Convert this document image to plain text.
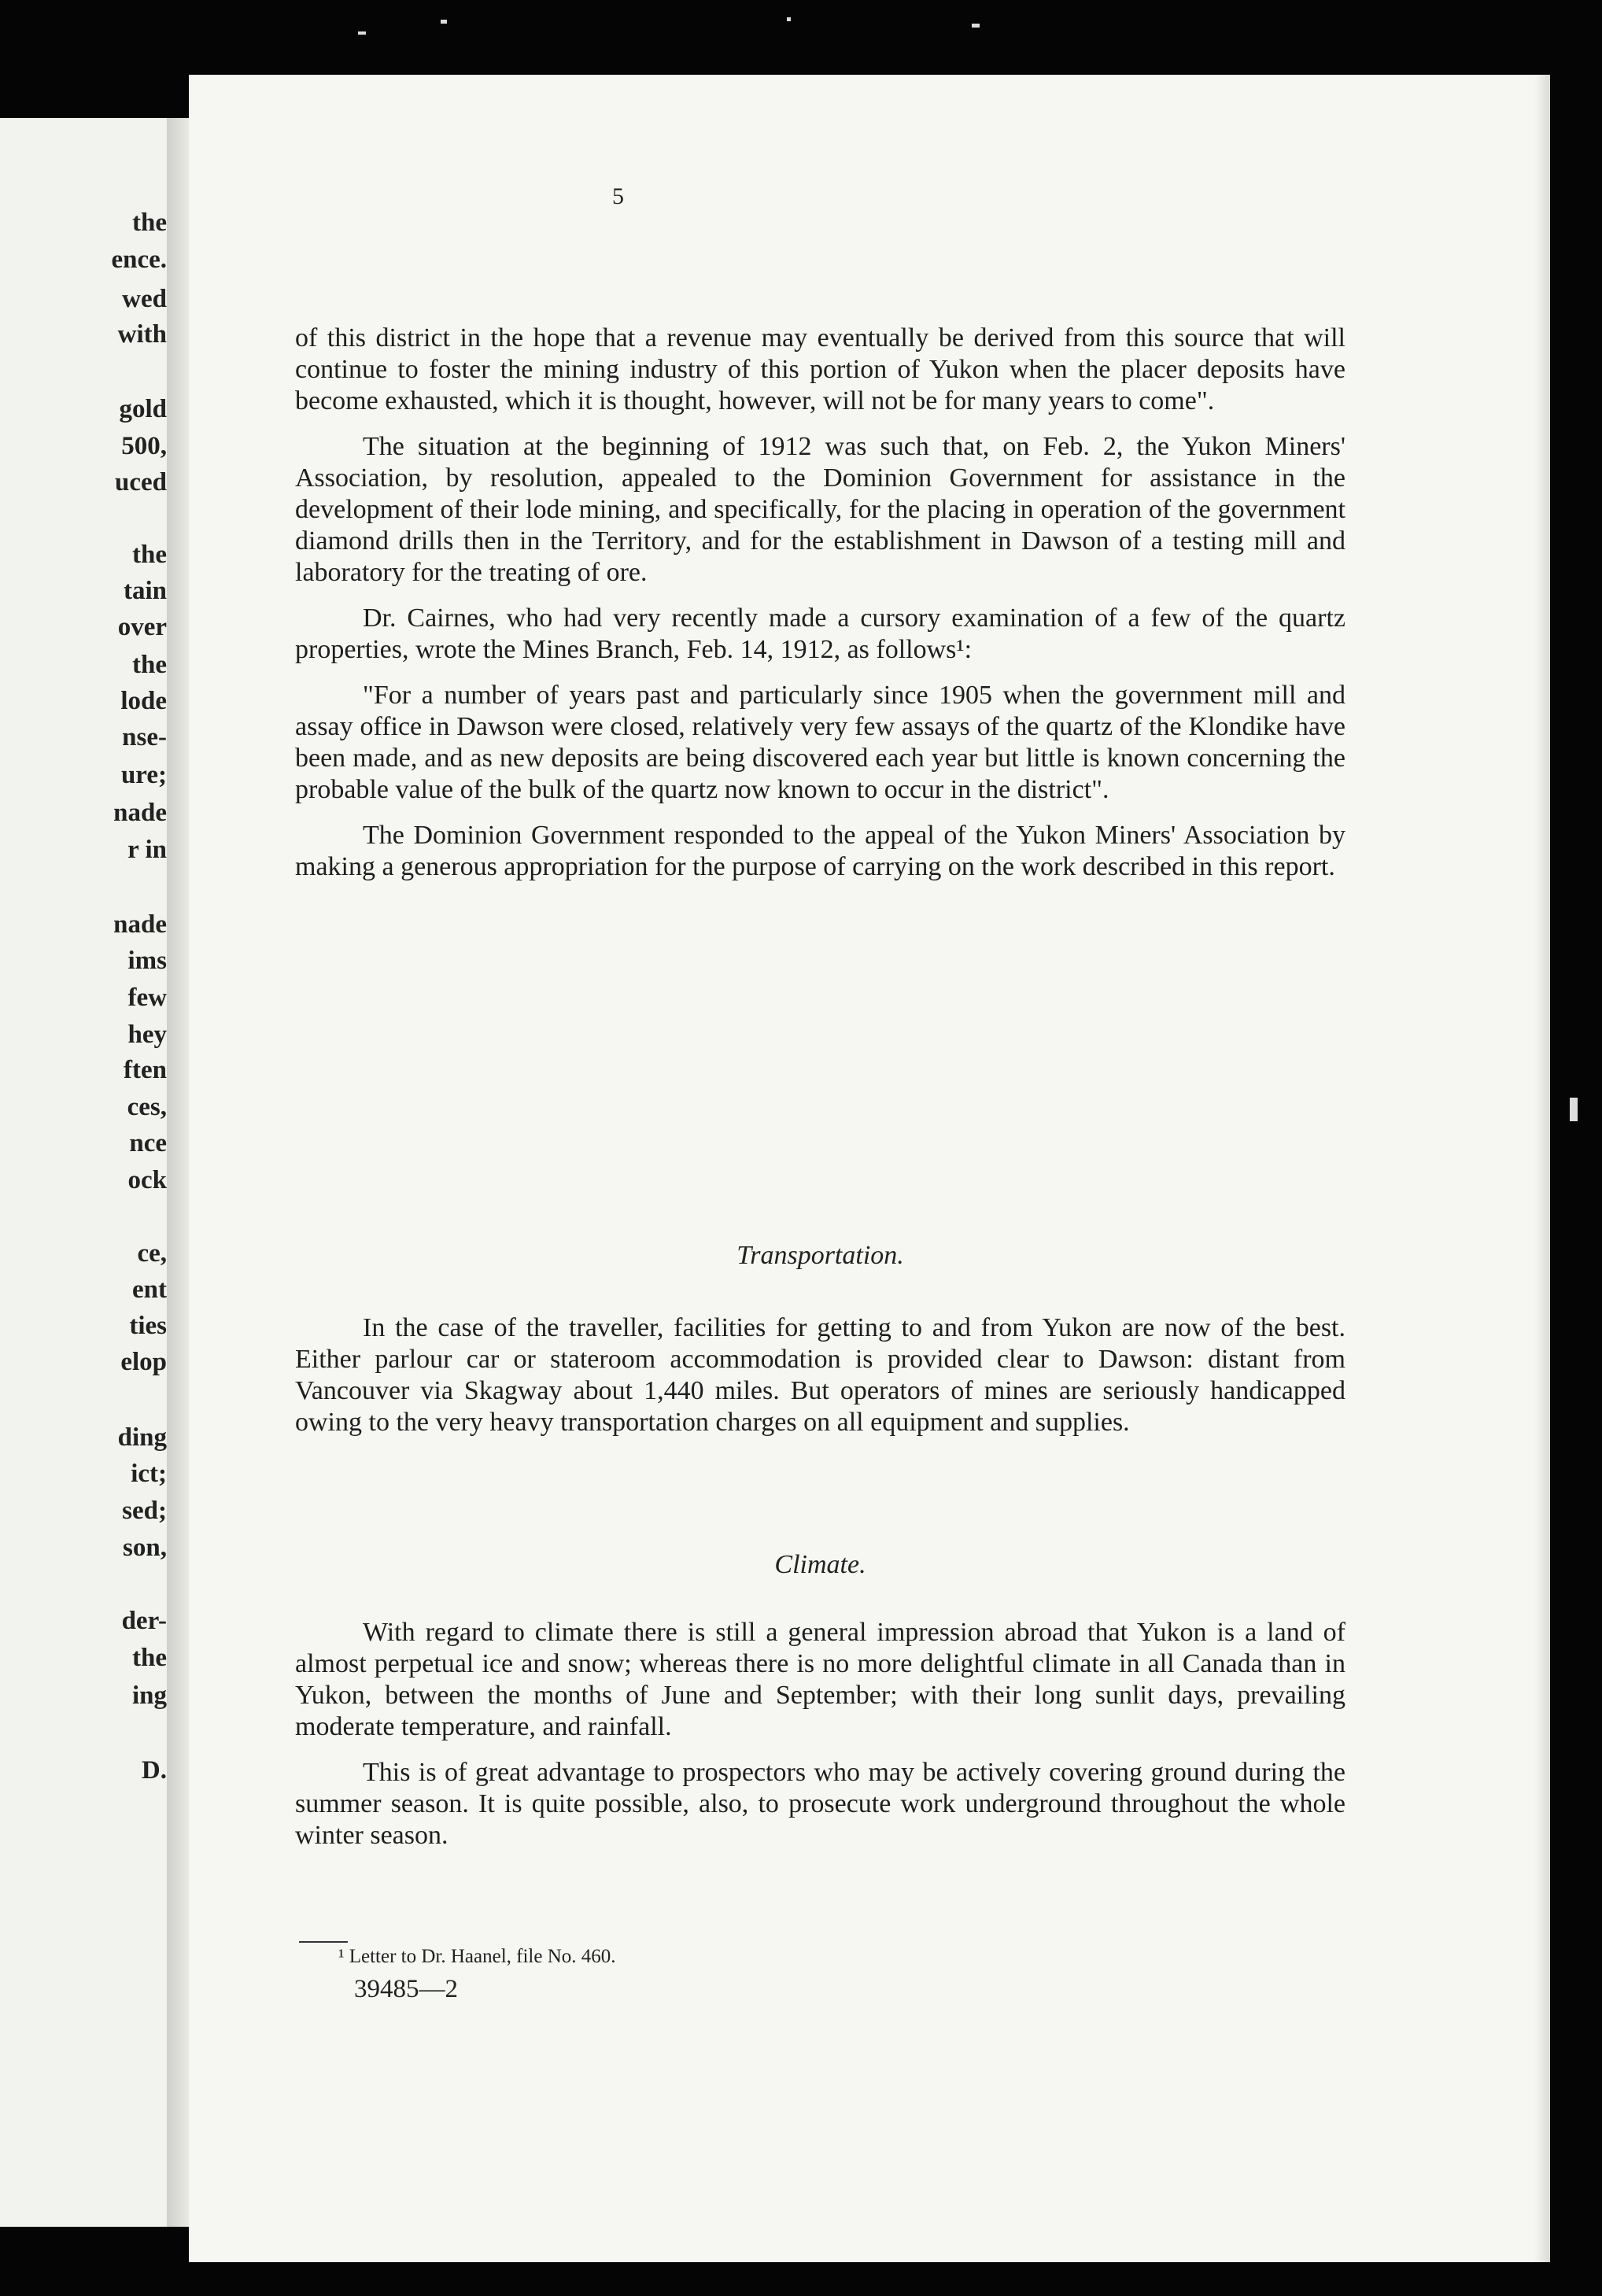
the

ence.

wed

with

gold

500,

uced

the

tain

over

the

lode

nse-

ure;

nade

r in

nade

ims

few

hey

ften

ces,

nce

ock

ce,

ent

ties

elop

ding

ict;

sed;

son,

der-

the

ing

D.

5

of this district in the hope that a revenue may eventually be derived from this source that will continue to foster the mining industry of this portion of Yukon when the placer deposits have become exhausted, which it is thought, however, will not be for many years to come".

The situation at the beginning of 1912 was such that, on Feb. 2, the Yukon Miners' Association, by resolution, appealed to the Dominion Government for assistance in the development of their lode mining, and specifically, for the placing in operation of the government diamond drills then in the Territory, and for the establishment in Dawson of a testing mill and laboratory for the treating of ore.

Dr. Cairnes, who had very recently made a cursory examination of a few of the quartz properties, wrote the Mines Branch, Feb. 14, 1912, as follows¹:

"For a number of years past and particularly since 1905 when the government mill and assay office in Dawson were closed, relatively very few assays of the quartz of the Klondike have been made, and as new deposits are being discovered each year but little is known concerning the probable value of the bulk of the quartz now known to occur in the district".

The Dominion Government responded to the appeal of the Yukon Miners' Association by making a generous appropriation for the purpose of carrying on the work described in this report.

Transportation.

In the case of the traveller, facilities for getting to and from Yukon are now of the best. Either parlour car or stateroom accommodation is provided clear to Dawson: distant from Vancouver via Skagway about 1,440 miles. But operators of mines are seriously handicapped owing to the very heavy transportation charges on all equipment and supplies.

Climate.

With regard to climate there is still a general impression abroad that Yukon is a land of almost perpetual ice and snow; whereas there is no more delightful climate in all Canada than in Yukon, between the months of June and September; with their long sunlit days, prevailing moderate temperature, and rainfall.

This is of great advantage to prospectors who may be actively covering ground during the summer season. It is quite possible, also, to prosecute work underground throughout the whole winter season.

¹ Letter to Dr. Haanel, file No. 460.
39485—2
